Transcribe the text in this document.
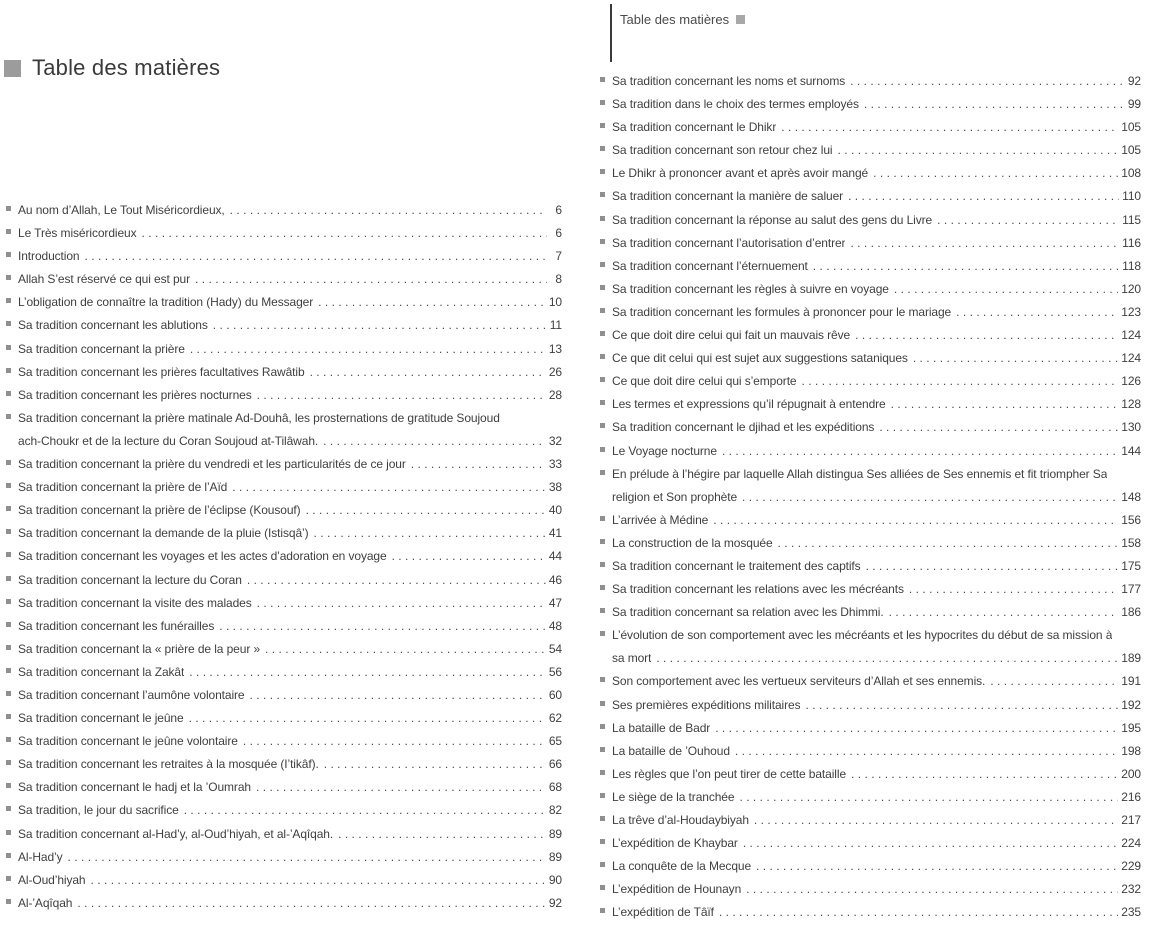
Table des matières
Table des matières
Au nom d’Allah, Le Tout Miséricordieux, .....	6
Le Très miséricordieux .....	6
Introduction .....	7
Allah S’est réservé ce qui est pur .....	8
L’obligation de connaître la tradition (Hady) du Messager .....	10
Sa tradition concernant les ablutions .....	11
Sa tradition concernant la prière .....	13
Sa tradition concernant les prières facultatives Rawâtib .....	26
Sa tradition concernant les prières nocturnes .....	28
Sa tradition concernant la prière matinale Ad-Douhâ, les prosternations de gratitude Soujoud
ach-Choukr et de la lecture du Coran Soujoud at-Tilâwah. .....	32
Sa tradition concernant la prière du vendredi et les particularités de ce jour .....	33
Sa tradition concernant la prière de l’Aïd .....	38
Sa tradition concernant la prière de l’éclipse (Kousouf) .....	40
Sa tradition concernant la demande de la pluie (Istisqâ’) .....	41
Sa tradition concernant les voyages et les actes d’adoration en voyage .....	44
Sa tradition concernant la lecture du Coran .....	46
Sa tradition concernant la visite des malades .....	47
Sa tradition concernant les funérailles .....	48
Sa tradition concernant la « prière de la peur » .....	54
Sa tradition concernant la Zakât .....	56
Sa tradition concernant l’aumône volontaire .....	60
Sa tradition concernant le jeûne .....	62
Sa tradition concernant le jeûne volontaire .....	65
Sa tradition concernant les retraites à la mosquée (I’tikâf). .....	66
Sa tradition concernant le hadj et la ’Oumrah .....	68
Sa tradition, le jour du sacrifice .....	82
Sa tradition concernant al-Had’y, al-Oud’hiyah, et al-’Aqîqah. .....	89
Al-Had’y .....	89
Al-Oud’hiyah .....	90
Al-’Aqîqah .....	92
Sa tradition concernant les noms et surnoms .....	92
Sa tradition dans le choix des termes employés .....	99
Sa tradition concernant le Dhikr .....	105
Sa tradition concernant son retour chez lui .....	105
Le Dhikr à prononcer avant et après avoir mangé .....	108
Sa tradition concernant la manière de saluer .....	110
Sa tradition concernant la réponse au salut des gens du Livre .....	115
Sa tradition concernant l’autorisation d’entrer .....	116
Sa tradition concernant l’éternuement .....	118
Sa tradition concernant les règles à suivre en voyage .....	120
Sa tradition concernant les formules à prononcer pour le mariage .....	123
Ce que doit dire celui qui fait un mauvais rêve .....	124
Ce que dit celui qui est sujet aux suggestions sataniques .....	124
Ce que doit dire celui qui s’emporte .....	126
Les termes et expressions qu’il répugnait à entendre .....	128
Sa tradition concernant le djihad et les expéditions .....	130
Le Voyage nocturne .....	144
En prélude à l’hégire par laquelle Allah distingua Ses alliées de Ses ennemis et fit triompher Sa
religion et Son prophète .....	148
L’arrivée à Médine .....	156
La construction de la mosquée .....	158
Sa tradition concernant le traitement des captifs .....	175
Sa tradition concernant les relations avec les mécréants .....	177
Sa tradition concernant sa relation avec les Dhimmi. .....	186
L’évolution de son comportement avec les mécréants et les hypocrites du début de sa mission à
sa mort .....	189
Son comportement avec les vertueux serviteurs d’Allah et ses ennemis. .....	191
Ses premières expéditions militaires .....	192
La bataille de Badr .....	195
La bataille de ’Ouhoud .....	198
Les règles que l’on peut tirer de cette bataille .....	200
Le siège de la tranchée .....	216
La trêve d’al-Houdaybiyah .....	217
L’expédition de Khaybar .....	224
La conquête de la Mecque .....	229
L’expédition de Hounayn .....	232
L’expédition de Tâïf .....	235
